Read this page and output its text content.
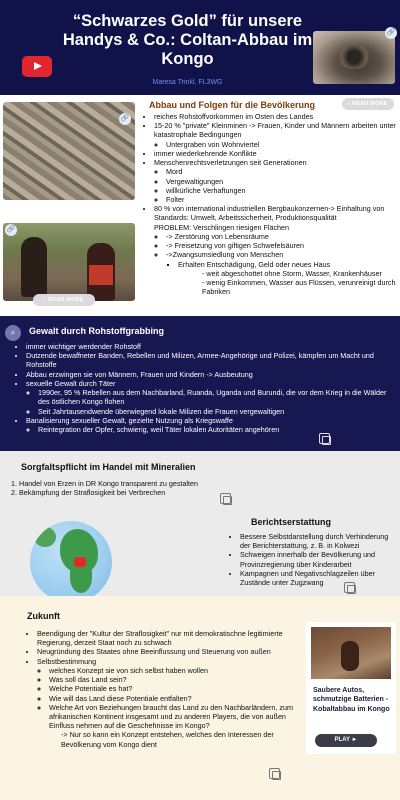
“Schwarzes Gold” für unsere Handys & Co.: Coltan-Abbau im Kongo
Maresa Trinkl, FL3WG
🔗
🔗
🔗
‹ READ MORE
‹ READ MORE
Abbau und Folgen für die Bevölkerung
• reiches Rohstoffvorkommen im Osten des Landes
• 15-20 % "private" Kleinminen -> Frauen, Kinder und Männern arbeiten unter katastrophale Bedingungen
◦ Untergraben von Wohnviertel
• immer wiederkehrende Konflikte
• Menschenrechtsverletzungen seit Generationen
◦ Mord
◦ Vergewaltigungen
◦ willkürliche Verhaftungen
◦ Folter
• 80 % von international industriellen Bergbaukonzernen-> Einhaltung von Standards: Umwelt, Arbeitssicherheit, Produktionsqualität
PROBLEM: Verschlingen riesigen Flächen
◦ -> Zerstörung von Lebensräume
◦ -> Freisetzung von giftigen Schwefelsäuren
◦ ->Zwangsumsiedlung von Menschen
▪ Erhalten Entschädigung, Geld oder neues Haus
- weit abgeschottet ohne Storm, Wasser, Krankenhäuser
- wenig Einkommen, Wasser aus Flüssen, verunreinigt durch Fabriken
⌕	Gewalt durch Rohstoffgrabbing
• immer wichtiger werdender Rohstoff
• Dutzende bewaffneter Banden, Rebellen und Milizen, Armee-Angehörige und Polizei, kämpfen um Macht und Rohstoffe
• Abbau erzwingen sie von Männern, Frauen und Kindern -> Ausbeutung
• sexuelle Gewalt durch Täter
◦ 1990er, 95 % Rebellen aus dem Nachbarland, Ruanda, Uganda und Burundi, die vor dem Krieg in die Wälder des östlichen Kongo flohen
◦ Seit Jahrtausendwende überwiegend lokale Milizen die Frauen vergewaltigen
• Banalisierung sexueller Gewalt, gezielte Nutzung als Kriegswaffe
◦ Reintegration der Opfer, schwierig, weil Täter lokalen Autoritäten angehören
Sorgfaltspflicht im Handel mit Mineralien
1. Handel von Erzen in DR Kongo transparent zu gestalten
2. Bekämpfung der Straflosigkeit bei Verbrechen
Berichtserstattung
• Bessere Selbstdarstellung durch Verhinderung der Berichterstattung, z. B. in Kolwezi
• Schweigen innerhalb der Bevölkerung und Provinzregierung über Kinderarbeit
• Kampagnen und Negativschlagzeilen über Zustände unter Zugzwang
Zukunft
• Beendigung der "Kultur der Straflosigkeit" nur mit demokratischne legitimierte Regierung, derzeit Staat noch zu schwach
• Neugründung des Staates ohne Beeinflussung und Steuerung von außen
• Selbstbestimmung
◦ welches Konzept sie von sich selbst haben wollen
◦ Was soll das Land sein?
◦ Welche Potentiale es hat?
◦ Wie will das Land diese Potentiale entfalten?
◦ Welche Art von Beziehungen braucht das Land zu den Nachbarländern, zum afrikanischen Kontinent insgesamt und zu anderen Players, die von außen Einfluss nehmen auf die Geschehnisse im Kongo?
-> Nur so kann ein Konzept entstehen, welches den Interessen der Bevölkerung vom Kongo dient
Saubere Autos, schmutzige Batterien - Kobaltabbau im Kongo
PLAY ►
